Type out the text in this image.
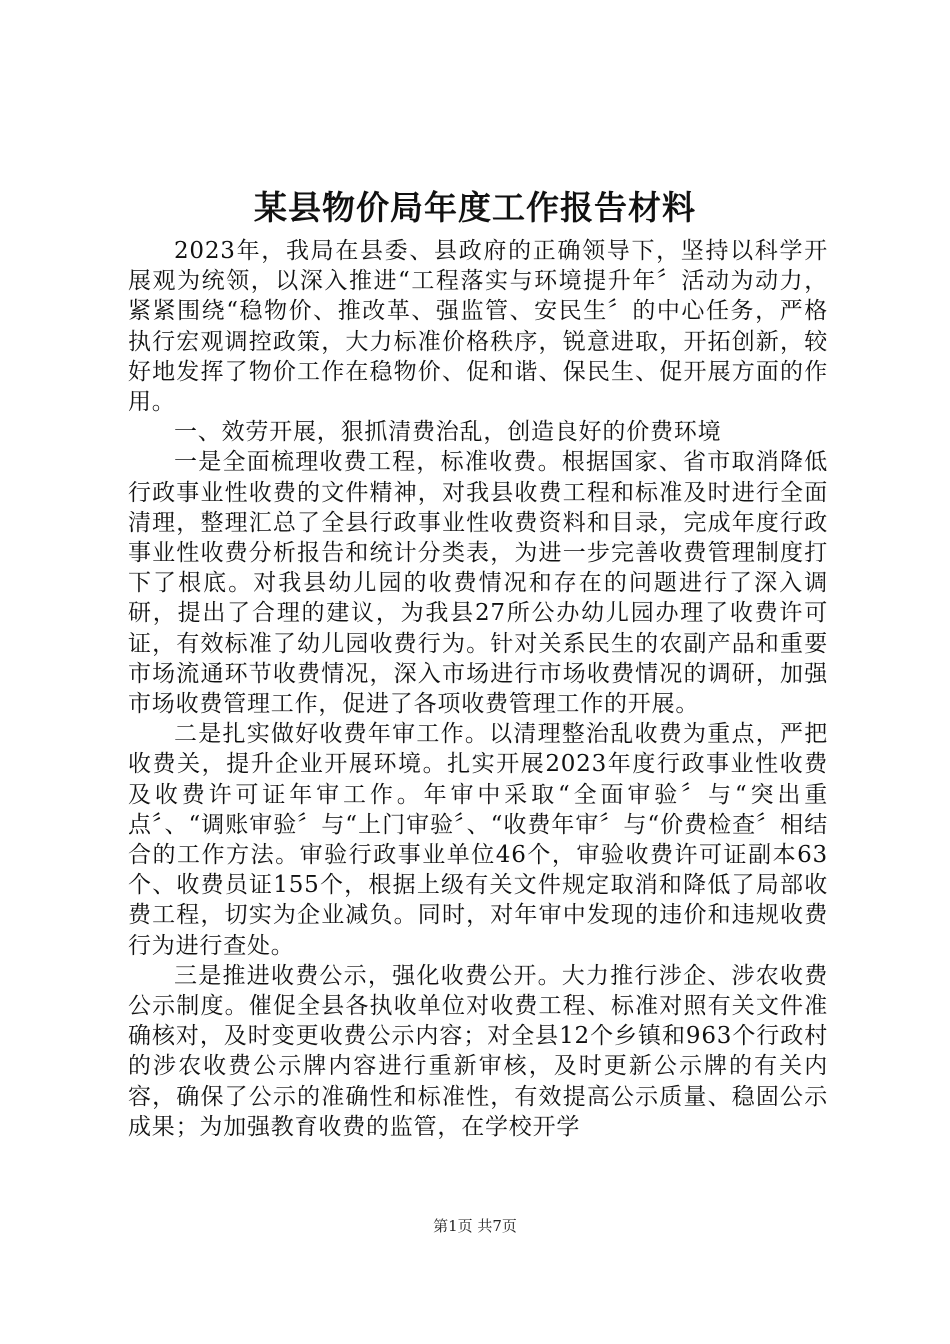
某县物价局年度工作报告材料

2023年，我局在县委、县政府的正确领导下，坚持以科学开展观为统领，以深入推进“工程落实与环境提升年〞活动为动力，紧紧围绕“稳物价、推改革、强监管、安民生〞的中心任务，严格执行宏观调控政策，大力标准价格秩序，锐意进取，开拓创新，较好地发挥了物价工作在稳物价、促和谐、保民生、促开展方面的作用。

一、效劳开展，狠抓清费治乱，创造良好的价费环境

一是全面梳理收费工程，标准收费。根据国家、省市取消降低行政事业性收费的文件精神，对我县收费工程和标准及时进行全面清理，整理汇总了全县行政事业性收费资料和目录，完成年度行政事业性收费分析报告和统计分类表，为进一步完善收费管理制度打下了根底。对我县幼儿园的收费情况和存在的问题进行了深入调研，提出了合理的建议，为我县27所公办幼儿园办理了收费许可证，有效标准了幼儿园收费行为。针对关系民生的农副产品和重要市场流通环节收费情况，深入市场进行市场收费情况的调研，加强市场收费管理工作，促进了各项收费管理工作的开展。

二是扎实做好收费年审工作。以清理整治乱收费为重点，严把收费关，提升企业开展环境。扎实开展2023年度行政事业性收费及收费许可证年审工作。年审中采取“全面审验〞与“突出重点〞、“调账审验〞与“上门审验〞、“收费年审〞与“价费检查〞相结合的工作方法。审验行政事业单位46个，审验收费许可证副本63个、收费员证155个，根据上级有关文件规定取消和降低了局部收费工程，切实为企业减负。同时，对年审中发现的违价和违规收费行为进行查处。

三是推进收费公示，强化收费公开。大力推行涉企、涉农收费公示制度。催促全县各执收单位对收费工程、标准对照有关文件准确核对，及时变更收费公示内容；对全县12个乡镇和963个行政村的涉农收费公示牌内容进行重新审核，及时更新公示牌的有关内容，确保了公示的准确性和标准性，有效提高公示质量、稳固公示成果；为加强教育收费的监管，在学校开学

第1页 共7页
